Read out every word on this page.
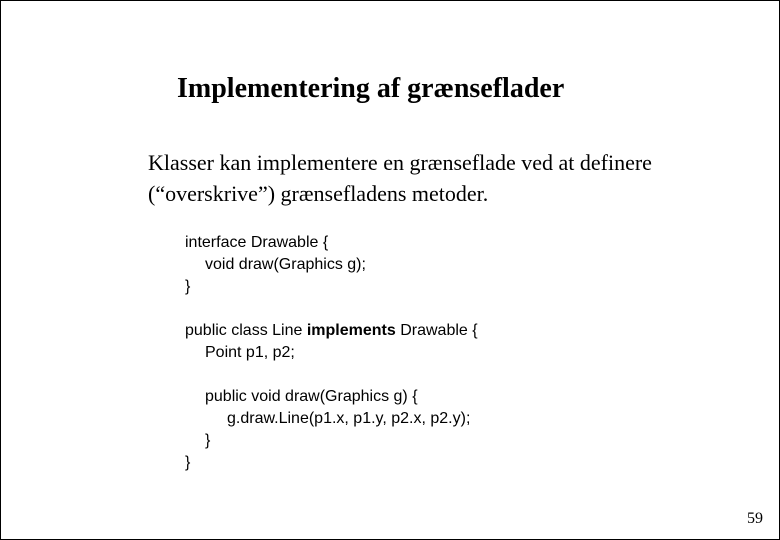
Implementering af grænseflader
Klasser kan implementere en grænseflade ved at definere
(“overskrive”) grænsefladens metoder.
interface Drawable {
void draw(Graphics g);
}
public class Line implements Drawable {
Point p1, p2;
public void draw(Graphics g) {
g.draw.Line(p1.x, p1.y, p2.x, p2.y);
}
}
59
